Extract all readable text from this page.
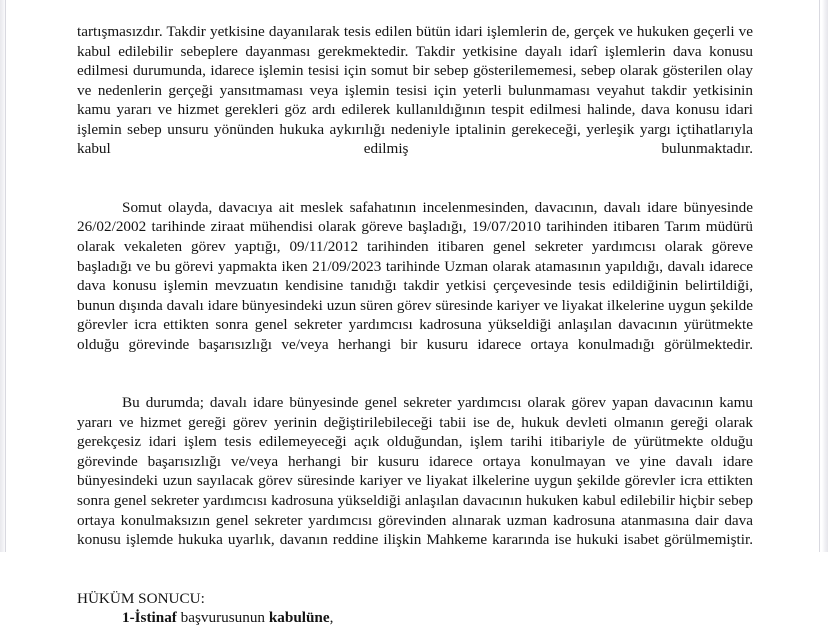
tartışmasızdır. Takdir yetkisine dayanılarak tesis edilen bütün idari işlemlerin de, gerçek ve hukuken geçerli ve kabul edilebilir sebeplere dayanması gerekmektedir. Takdir yetkisine dayalı idarî işlemlerin dava konusu edilmesi durumunda, idarece işlemin tesisi için somut bir sebep gösterilememesi, sebep olarak gösterilen olay ve nedenlerin gerçeği yansıtmaması veya işlemin tesisi için yeterli bulunmaması veyahut takdir yetkisinin kamu yararı ve hizmet gerekleri göz ardı edilerek kullanıldığının tespit edilmesi halinde, dava konusu idari işlemin sebep unsuru yönünden hukuka aykırılığı nedeniyle iptalinin gerekeceği, yerleşik yargı içtihatlarıyla kabul edilmiş bulunmaktadır.

Somut olayda, davacıya ait meslek safahatının incelenmesinden, davacının, davalı idare bünyesinde 26/02/2002 tarihinde ziraat mühendisi olarak göreve başladığı, 19/07/2010 tarihinden itibaren Tarım müdürü olarak vekaleten görev yaptığı, 09/11/2012 tarihinden itibaren genel sekreter yardımcısı olarak göreve başladığı ve bu görevi yapmakta iken 21/09/2023 tarihinde Uzman olarak atamasının yapıldığı, davalı idarece dava konusu işlemin mevzuatın kendisine tanıdığı takdir yetkisi çerçevesinde tesis edildiğinin belirtildiği, bunun dışında davalı idare bünyesindeki uzun süren görev süresinde kariyer ve liyakat ilkelerine uygun şekilde görevler icra ettikten sonra genel sekreter yardımcısı kadrosuna yükseldiği anlaşılan davacının yürütmekte olduğu görevinde başarısızlığı ve/veya herhangi bir kusuru idarece ortaya konulmadığı görülmektedir.

Bu durumda; davalı idare bünyesinde genel sekreter yardımcısı olarak görev yapan davacının kamu yararı ve hizmet gereği görev yerinin değiştirilebileceği tabii ise de, hukuk devleti olmanın gereği olarak gerekçesiz idari işlem tesis edilemeyeceği açık olduğundan, işlem tarihi itibariyle de yürütmekte olduğu görevinde başarısızlığı ve/veya herhangi bir kusuru idarece ortaya konulmayan ve yine davalı idare bünyesindeki uzun sayılacak görev süresinde kariyer ve liyakat ilkelerine uygun şekilde görevler icra ettikten sonra genel sekreter yardımcısı kadrosuna yükseldiği anlaşılan davacının hukuken kabul edilebilir hiçbir sebep ortaya konulmaksızın genel sekreter yardımcısı görevinden alınarak uzman kadrosuna atanmasına dair dava konusu işlemde hukuka uyarlık, davanın reddine ilişkin Mahkeme kararında ise hukuki isabet görülmemiştir.

HÜKÜM SONUCU:

1-İstinaf başvurusunun kabulüne,
